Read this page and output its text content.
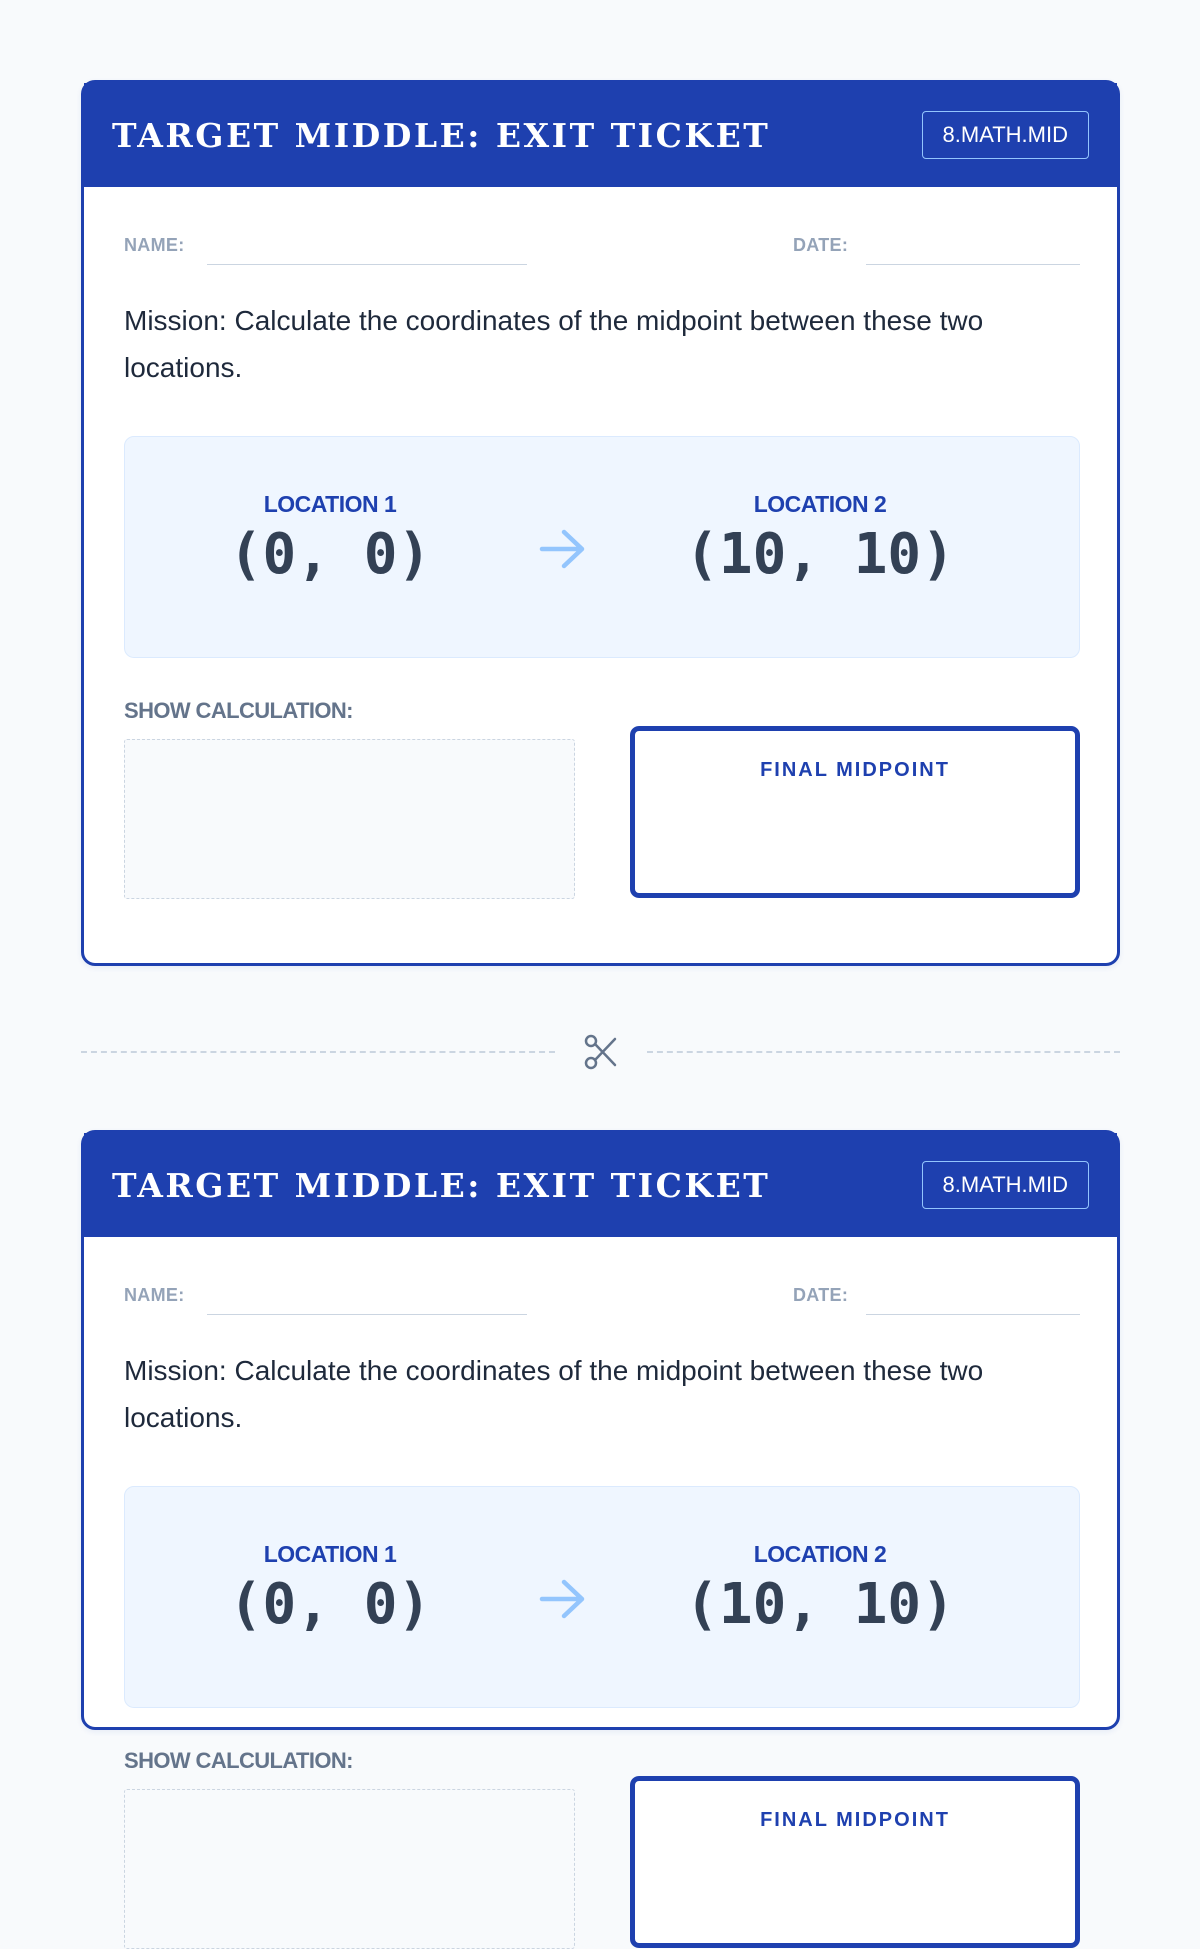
TARGET MIDDLE: EXIT TICKET	8.MATH.MID
NAME:	DATE:

Mission: Calculate the coordinates of the midpoint between these two locations.

LOCATION 1
(0, 0)
LOCATION 2
(10, 10)
SHOW CALCULATION:
FINAL MIDPOINT
TARGET MIDDLE: EXIT TICKET	8.MATH.MID
NAME:	DATE:

Mission: Calculate the coordinates of the midpoint between these two locations.

LOCATION 1
(0, 0)
LOCATION 2
(10, 10)
SHOW CALCULATION:
FINAL MIDPOINT
